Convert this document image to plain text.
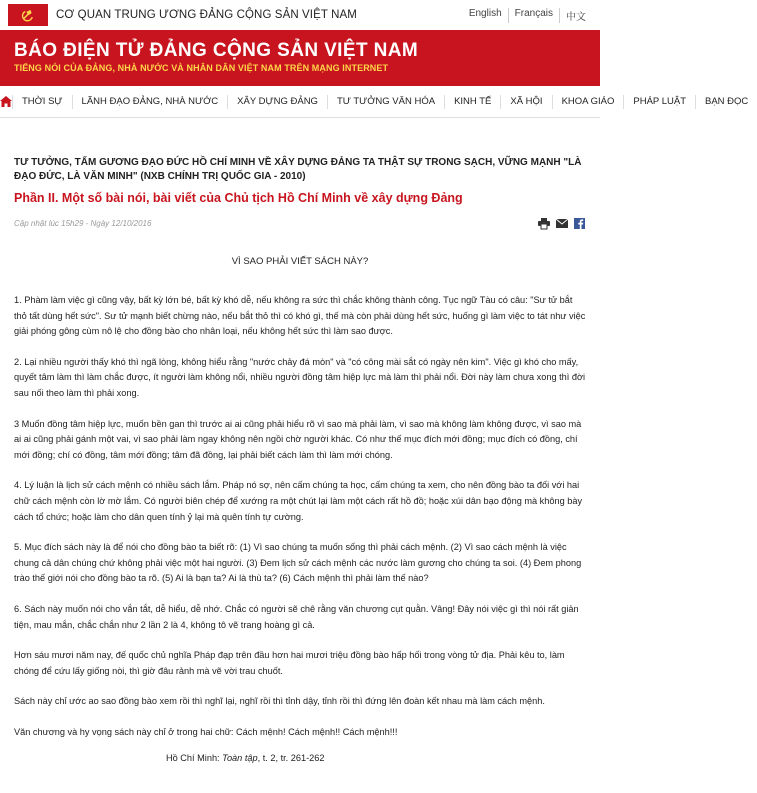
CƠ QUAN TRUNG ƯƠNG ĐẢNG CỘNG SẢN VIỆT NAM	English	Français	中文
BÁO ĐIỆN TỬ ĐẢNG CỘNG SẢN VIỆT NAM
TIẾNG NÓI CỦA ĐẢNG, NHÀ NƯỚC VÀ NHÂN DÂN VIỆT NAM TRÊN MẠNG INTERNET
THỜI SỰ	LÃNH ĐẠO ĐẢNG, NHÀ NƯỚC	XÂY DỰNG ĐẢNG	TƯ TƯỞNG VĂN HÓA	KINH TẾ	XÃ HỘI	KHOA GIÁO	PHÁP LUẬT	BẠN ĐỌC
TƯ TƯỞNG, TẤM GƯƠNG ĐẠO ĐỨC HỒ CHÍ MINH VỀ XÂY DỰNG ĐẢNG TA THẬT SỰ TRONG SẠCH, VỮNG MẠNH "LÀ ĐẠO ĐỨC, LÀ VĂN MINH" (NXB CHÍNH TRỊ QUỐC GIA - 2010)
Phần II. Một số bài nói, bài viết của Chủ tịch Hồ Chí Minh về xây dựng Đảng
Cập nhật lúc 15h29 - Ngày 12/10/2016
VÌ SAO PHẢI VIẾT SÁCH NÀY?

1. Phàm làm việc gì cũng vậy, bất kỳ lớn bé, bất kỳ khó dễ, nếu không ra sức thì chắc không thành công. Tục ngữ Tàu có câu: "Sư tử bắt thỏ tất dùng hết sức". Sư tử mạnh biết chừng nào, nếu bắt thỏ thì có khó gì, thế mà còn phải dùng hết sức, huống gì làm việc to tát như việc giải phóng gông cùm nô lệ cho đồng bào cho nhân loại, nếu không hết sức thì làm sao được.

2. Lại nhiều người thấy khó thì ngã lòng, không hiểu rằng "nước chảy đá mòn" và "có công mài sắt có ngày nên kim". Việc gì khó cho mấy, quyết tâm làm thì làm chắc được, ít người làm không nổi, nhiều người đồng tâm hiệp lực mà làm thì phải nổi. Đời này làm chưa xong thì đời sau nối theo làm thì phải xong.

3 Muốn đồng tâm hiệp lực, muốn bền gan thì trước ai ai cũng phải hiểu rõ vì sao mà phải làm, vì sao mà không làm không được, vì sao mà ai ai cũng phải gánh một vai, vì sao phải làm ngay không nên ngồi chờ người khác. Có như thế mục đích mới đồng; mục đích có đồng, chí mới đồng; chí có đồng, tâm mới đồng; tâm đã đồng, lại phải biết cách làm thì làm mới chóng.

4. Lý luận là lịch sử cách mệnh có nhiều sách lắm. Pháp nó sợ, nên cấm chúng ta học, cấm chúng ta xem, cho nên đồng bào ta đối với hai chữ cách mệnh còn lờ mờ lắm. Có người biên chép để xướng ra một chút lại làm một cách rất hồ đồ; hoặc xúi dân bạo động mà không bày cách tổ chức; hoặc làm cho dân quen tính ỷ lại mà quên tính tự cường.

5. Mục đích sách này là để nói cho đồng bào ta biết rõ: (1) Vì sao chúng ta muốn sống thì phải cách mệnh. (2) Vì sao cách mệnh là việc chung cả dân chúng chứ không phải việc một hai người. (3) Đem lịch sử cách mệnh các nước làm gương cho chúng ta soi. (4) Đem phong trào thế giới nói cho đồng bào ta rõ. (5) Ai là bạn ta? Ai là thù ta? (6) Cách mệnh thì phải làm thế nào?

6. Sách này muốn nói cho vắn tắt, dễ hiểu, dễ nhớ. Chắc có người sẽ chê rằng văn chương cụt quằn. Vâng! Đây nói việc gì thì nói rất giản tiện, mau mắn, chắc chắn như 2 lần 2 là 4, không tô vẽ trang hoàng gì cả.

Hơn sáu mươi năm nay, đế quốc chủ nghĩa Pháp đạp trên đầu hơn hai mươi triệu đồng bào hấp hối trong vòng tử địa. Phải kêu to, làm chóng để cứu lấy giống nòi, thì giờ đâu rảnh mà vẽ vời trau chuốt.

Sách này chỉ ước ao sao đồng bào xem rồi thì nghĩ lại, nghĩ rồi thì tỉnh dậy, tỉnh rồi thì đứng lên đoàn kết nhau mà làm cách mệnh.

Văn chương và hy vọng sách này chỉ ở trong hai chữ: Cách mệnh! Cách mệnh!! Cách mệnh!!!

Hồ Chí Minh: Toàn tập, t. 2, tr. 261-262
